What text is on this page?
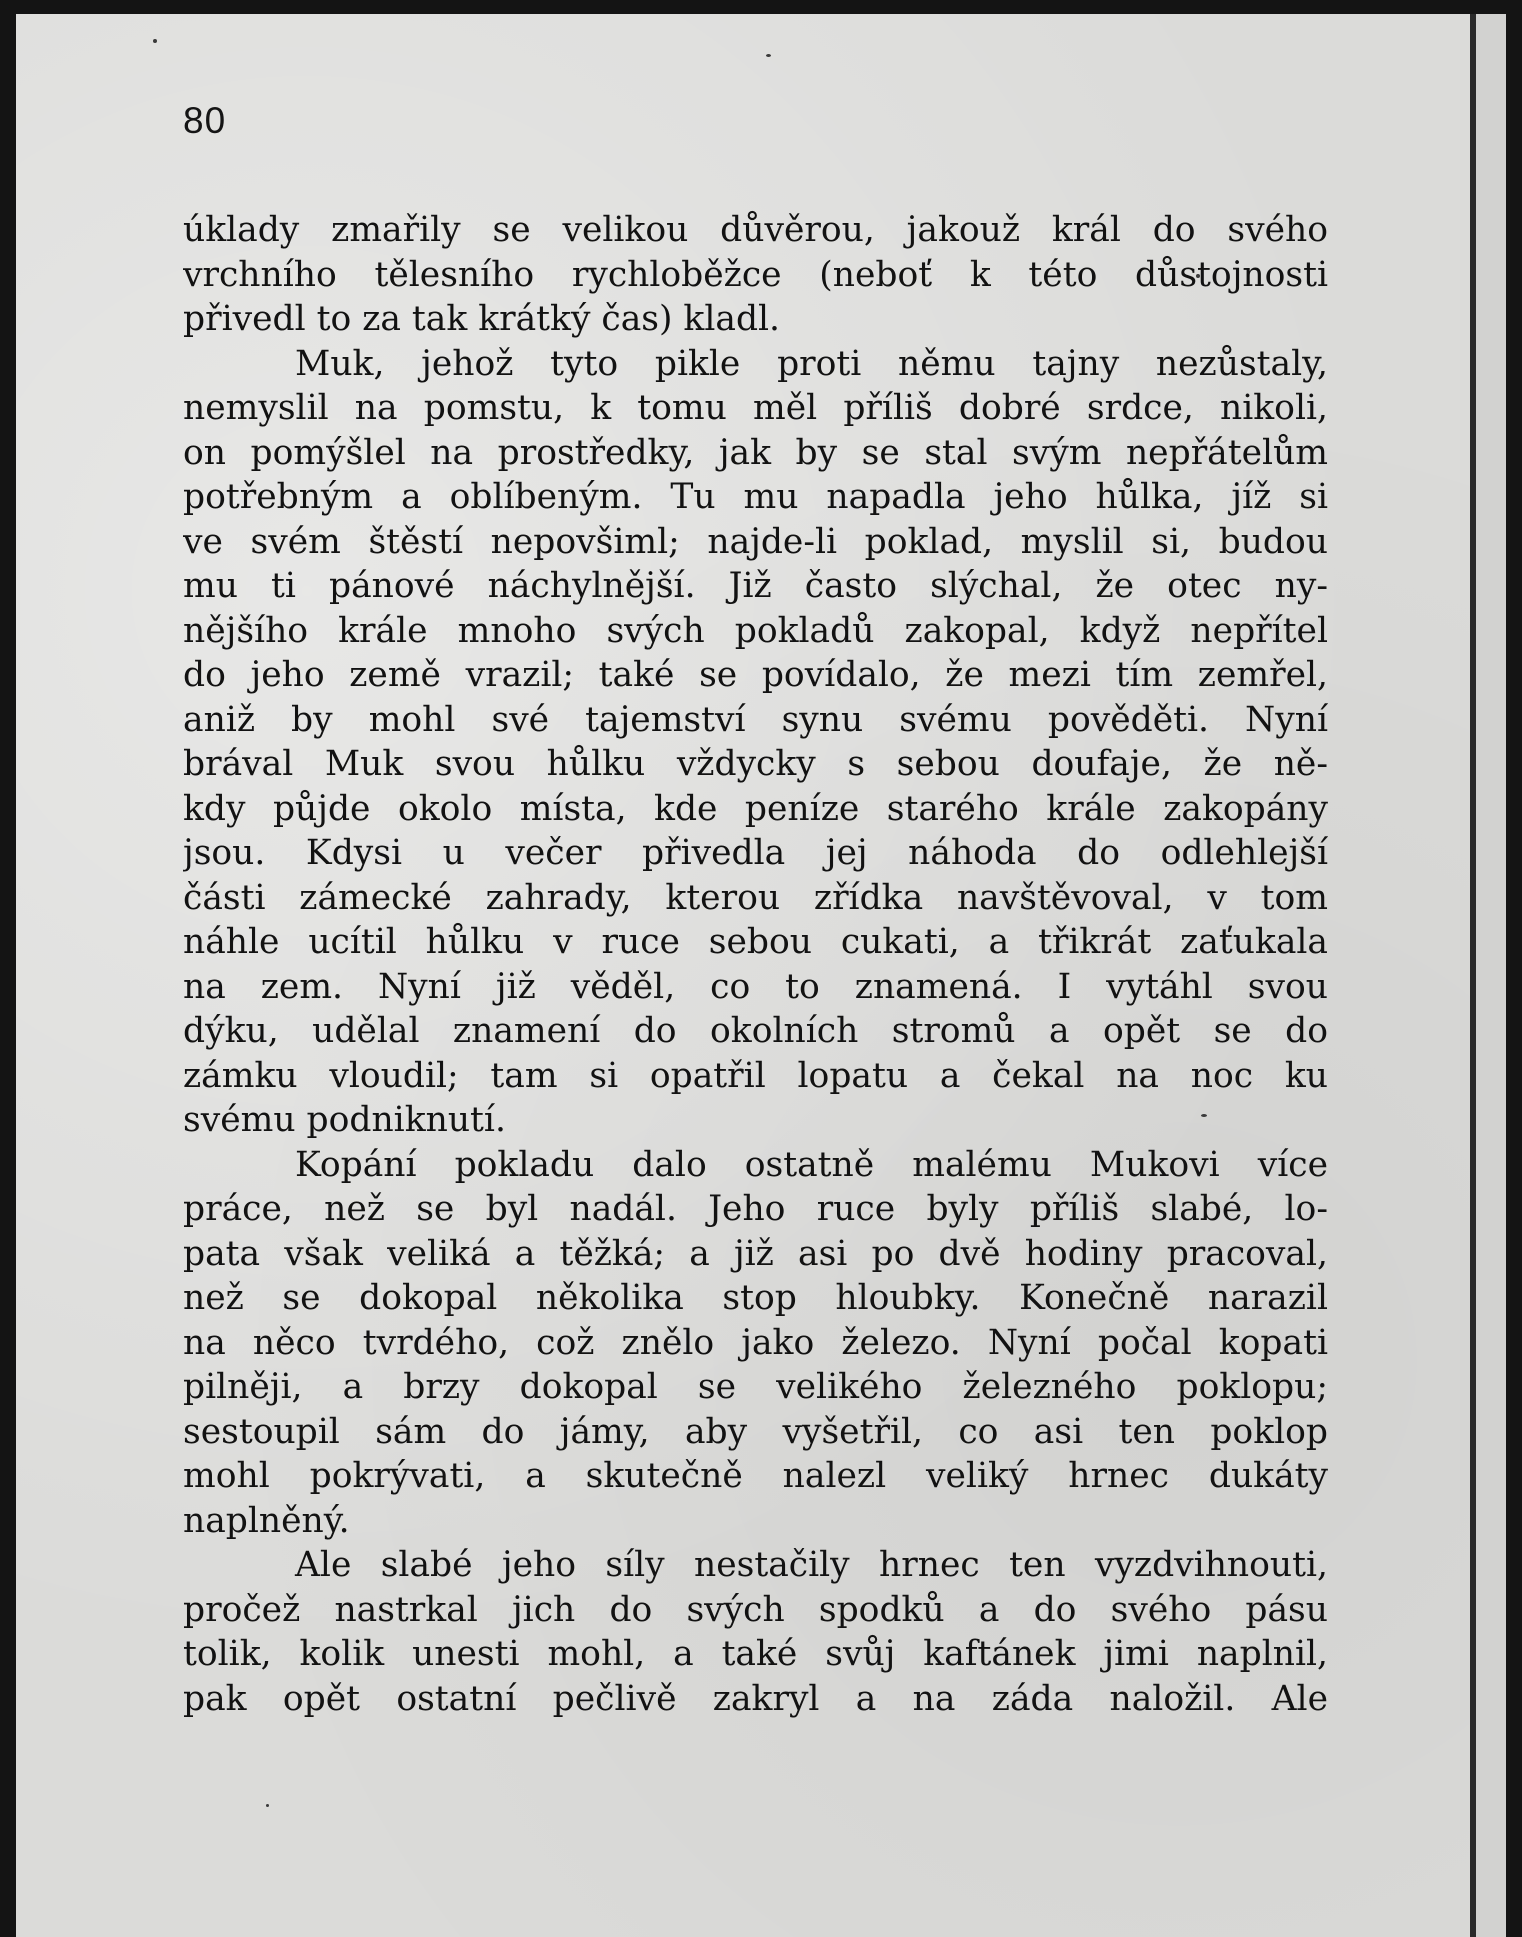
80
úklady zmařily se velikou důvěrou, jakouž král do svého
vrchního tělesního rychloběžce (neboť k této důstojnosti
přivedl to za tak krátký čas) kladl.
Muk, jehož tyto pikle proti němu tajny nezůstaly,
nemyslil na pomstu, k tomu měl příliš dobré srdce, nikoli,
on pomýšlel na prostředky, jak by se stal svým nepřátelům
potřebným a oblíbeným. Tu mu napadla jeho hůlka, jíž si
ve svém štěstí nepovšiml; najde-li poklad, myslil si, budou
mu ti pánové náchylnější. Již často slýchal, že otec ny-
nějšího krále mnoho svých pokladů zakopal, když nepřítel
do jeho země vrazil; také se povídalo, že mezi tím zemřel,
aniž by mohl své tajemství synu svému pověděti. Nyní
brával Muk svou hůlku vždycky s sebou doufaje, že ně-
kdy půjde okolo místa, kde peníze starého krále zakopány
jsou. Kdysi u večer přivedla jej náhoda do odlehlejší
části zámecké zahrady, kterou zřídka navštěvoval, v tom
náhle ucítil hůlku v ruce sebou cukati, a třikrát zaťukala
na zem. Nyní již věděl, co to znamená. I vytáhl svou
dýku, udělal znamení do okolních stromů a opět se do
zámku vloudil; tam si opatřil lopatu a čekal na noc ku
svému podniknutí.
Kopání pokladu dalo ostatně malému Mukovi více
práce, než se byl nadál. Jeho ruce byly příliš slabé, lo-
pata však veliká a těžká; a již asi po dvě hodiny pracoval,
než se dokopal několika stop hloubky. Konečně narazil
na něco tvrdého, což znělo jako železo. Nyní počal kopati
pilněji, a brzy dokopal se velikého železného poklopu;
sestoupil sám do jámy, aby vyšetřil, co asi ten poklop
mohl pokrývati, a skutečně nalezl veliký hrnec dukáty
naplněný.
Ale slabé jeho síly nestačily hrnec ten vyzdvihnouti,
pročež nastrkal jich do svých spodků a do svého pásu
tolik, kolik unesti mohl, a také svůj kaftánek jimi naplnil,
pak opět ostatní pečlivě zakryl a na záda naložil. Ale
